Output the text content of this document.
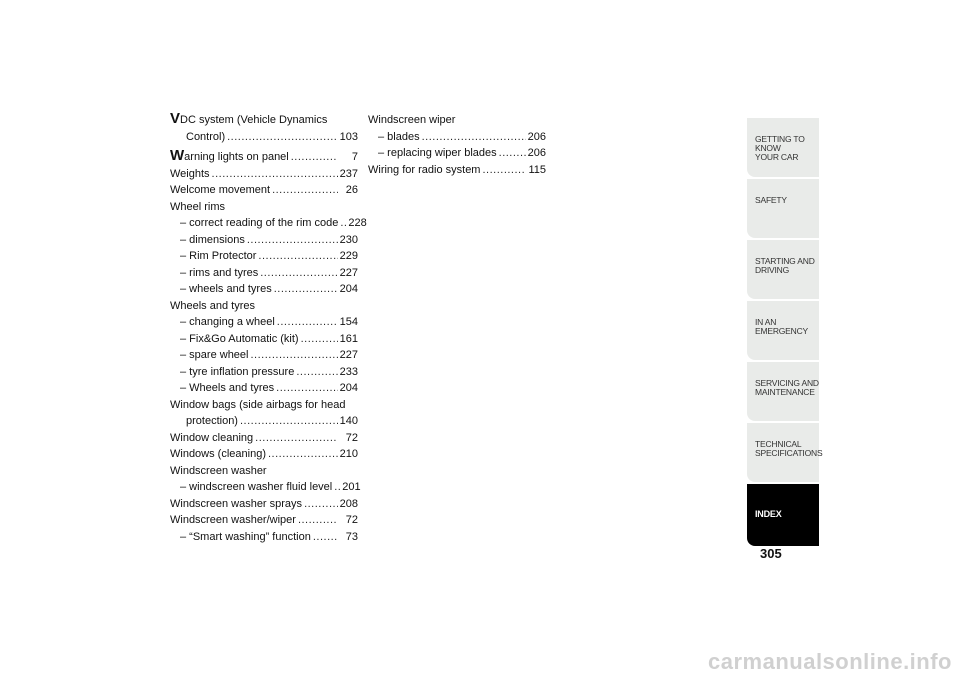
VDC system (Vehicle Dynamics
Control) .....	103
Warning lights on panel .....	7
Weights .....	237
Welcome movement .....	26
Wheel rims
– correct reading of the rim code ..... 228
– dimensions .....	230
– Rim Protector .....	229
– rims and tyres .....	227
– wheels and tyres .....	204
Wheels and tyres
– changing a wheel .....	154
– Fix&Go Automatic (kit) .....	161
– spare wheel .....	227
– tyre inflation pressure .....	233
– Wheels and tyres .....	204
Window bags (side airbags for head
protection) .....	140
Window cleaning .....	72
Windows (cleaning) .....	210
Windscreen washer
– windscreen washer fluid level ..... 201
Windscreen washer sprays .....	208
Windscreen washer/wiper .....	72
– “Smart washing” function .....	73
Windscreen wiper
– blades .....	206
– replacing wiper blades .....	206
Wiring for radio system .....	115
GETTING TO KNOW
YOUR CAR
SAFETY
STARTING AND
DRIVING
IN AN EMERGENCY
SERVICING AND
MAINTENANCE
TECHNICAL
SPECIFICATIONS
INDEX
305
carmanualsonline.info
